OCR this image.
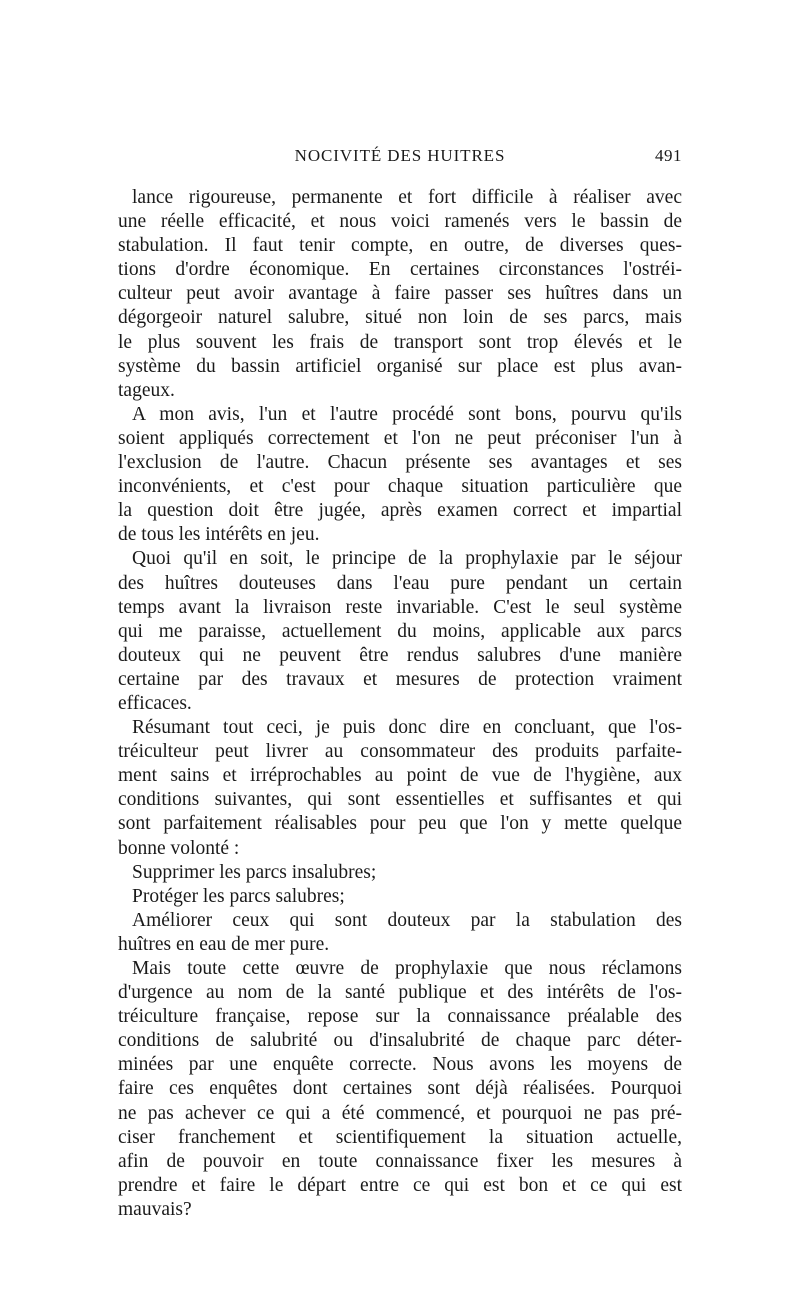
NOCIVITÉ DES HUITRES	491
lance rigoureuse, permanente et fort difficile à réaliser avec
une réelle efficacité, et nous voici ramenés vers le bassin de
stabulation. Il faut tenir compte, en outre, de diverses ques-
tions d'ordre économique. En certaines circonstances l'ostréi-
culteur peut avoir avantage à faire passer ses huîtres dans un
dégorgeoir naturel salubre, situé non loin de ses parcs, mais
le plus souvent les frais de transport sont trop élevés et le
système du bassin artificiel organisé sur place est plus avan-
tageux.
A mon avis, l'un et l'autre procédé sont bons, pourvu qu'ils
soient appliqués correctement et l'on ne peut préconiser l'un à
l'exclusion de l'autre. Chacun présente ses avantages et ses
inconvénients, et c'est pour chaque situation particulière que
la question doit être jugée, après examen correct et impartial
de tous les intérêts en jeu.
Quoi qu'il en soit, le principe de la prophylaxie par le séjour
des huîtres douteuses dans l'eau pure pendant un certain
temps avant la livraison reste invariable. C'est le seul système
qui me paraisse, actuellement du moins, applicable aux parcs
douteux qui ne peuvent être rendus salubres d'une manière
certaine par des travaux et mesures de protection vraiment
efficaces.
Résumant tout ceci, je puis donc dire en concluant, que l'os-
tréiculteur peut livrer au consommateur des produits parfaite-
ment sains et irréprochables au point de vue de l'hygiène, aux
conditions suivantes, qui sont essentielles et suffisantes et qui
sont parfaitement réalisables pour peu que l'on y mette quelque
bonne volonté :
Supprimer les parcs insalubres;
Protéger les parcs salubres;
Améliorer ceux qui sont douteux par la stabulation des
huîtres en eau de mer pure.
Mais toute cette œuvre de prophylaxie que nous réclamons
d'urgence au nom de la santé publique et des intérêts de l'os-
tréiculture française, repose sur la connaissance préalable des
conditions de salubrité ou d'insalubrité de chaque parc déter-
minées par une enquête correcte. Nous avons les moyens de
faire ces enquêtes dont certaines sont déjà réalisées. Pourquoi
ne pas achever ce qui a été commencé, et pourquoi ne pas pré-
ciser franchement et scientifiquement la situation actuelle,
afin de pouvoir en toute connaissance fixer les mesures à
prendre et faire le départ entre ce qui est bon et ce qui est
mauvais?
